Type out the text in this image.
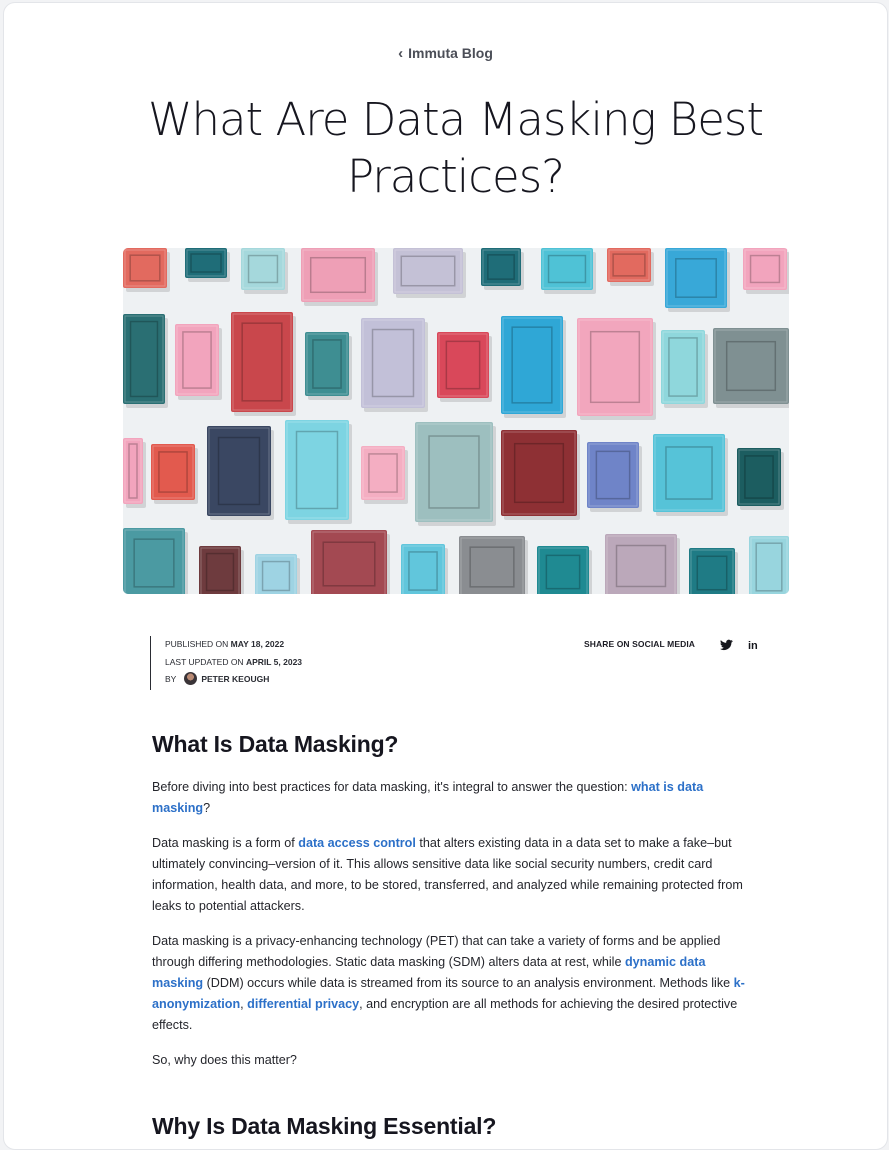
‹ Immuta Blog
What Are Data Masking Best Practices?
PUBLISHED ON MAY 18, 2022
LAST UPDATED ON APRIL 5, 2023
BY	PETER KEOUGH
SHARE ON SOCIAL MEDIA	in
What Is Data Masking?

Before diving into best practices for data masking, it's integral to answer the question: what is data masking?

Data masking is a form of data access control that alters existing data in a data set to make a fake–but ultimately convincing–version of it. This allows sensitive data like social security numbers, credit card information, health data, and more, to be stored, transferred, and analyzed while remaining protected from leaks to potential attackers.

Data masking is a privacy-enhancing technology (PET) that can take a variety of forms and be applied through differing methodologies. Static data masking (SDM) alters data at rest, while dynamic data masking (DDM) occurs while data is streamed from its source to an analysis environment. Methods like k-anonymization, differential privacy, and encryption are all methods for achieving the desired protective effects.

So, why does this matter?

Why Is Data Masking Essential?
